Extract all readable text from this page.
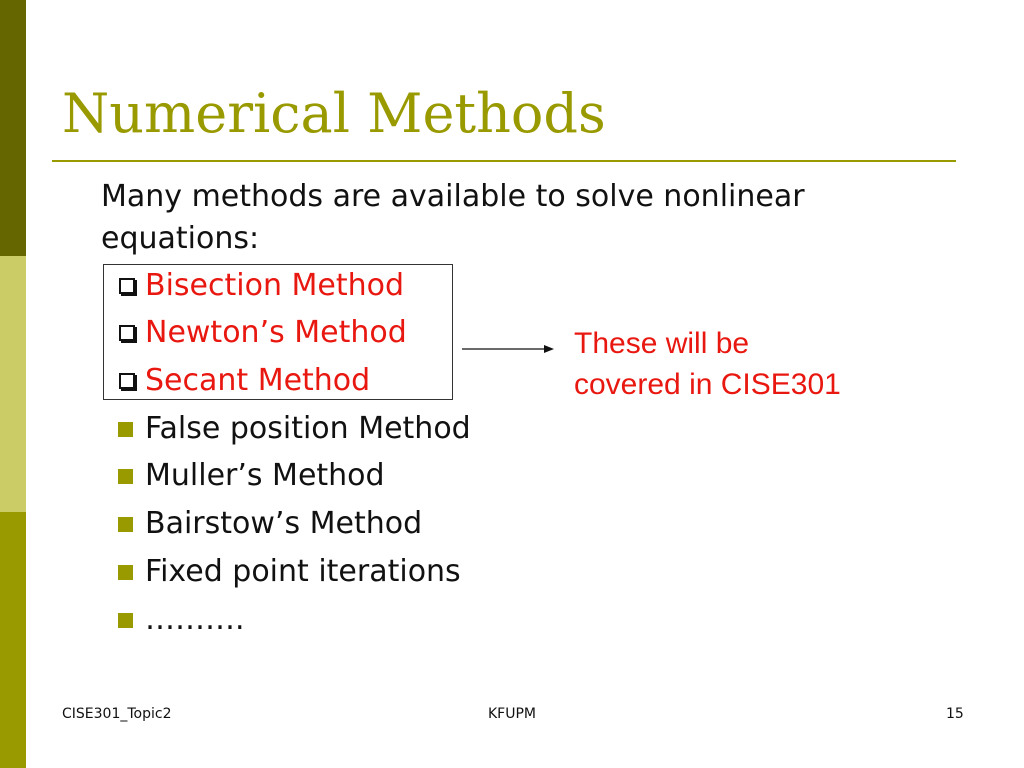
Numerical Methods
Many methods are available to solve nonlinear equations:
Bisection Method
Newton’s Method
Secant Method
False position Method
Muller’s Method
Bairstow’s Method
Fixed point iterations
……….
These will be
covered in CISE301
CISE301_Topic2	KFUPM	15
